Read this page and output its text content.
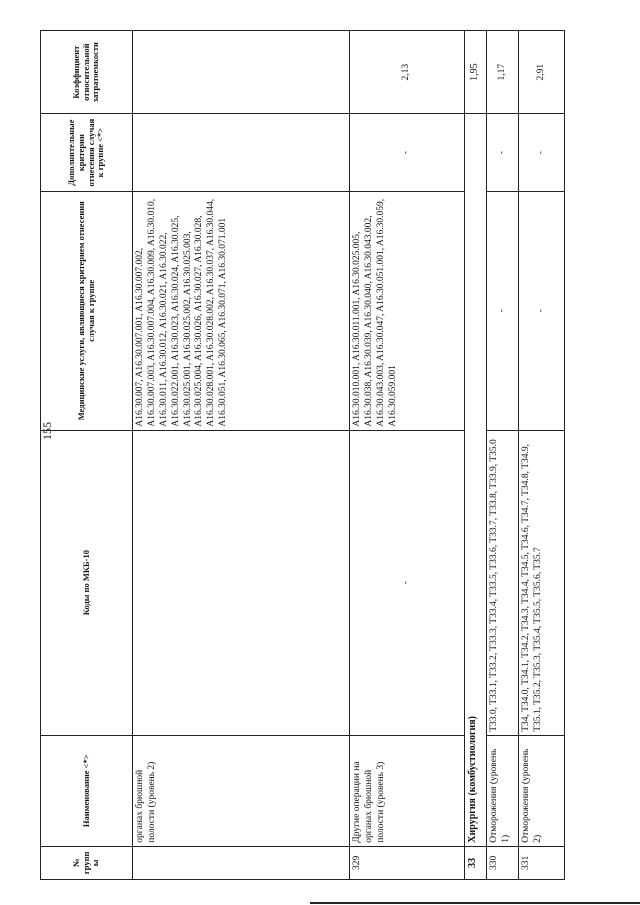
155
№ групп ы	Наименование <*>	Коды по МКБ-10	Медицинские услуги, являющиеся критерием отнесения случая к группе	Дополнительные критерии отнесения случая к группе <*>	Коэффициент относительной затратоемкости
	органах брюшной полости (уровень 2)		A16.30.007, A16.30.007.001, A16.30.007.002, A16.30.007.003, A16.30.007.004, A16.30.009, A16.30.010, A16.30.011, A16.30.012, A16.30.021, A16.30.022, A16.30.022.001, A16.30.023, A16.30.024, A16.30.025, A16.30.025.001, A16.30.025.002, A16.30.025.003, A16.30.025.004, A16.30.026, A16.30.027, A16.30.028, A16.30.028.001, A16.30.028.002, A16.30.037, A16.30.044, A16.30.051, A16.30.065, A16.30.071, A16.30.071.001		
329	Другие операции на органах брюшной полости (уровень 3)	-	A16.30.010.001, A16.30.011.001, A16.30.025.005, A16.30.038, A16.30.039, A16.30.040, A16.30.043.002, A16.30.043.003, A16.30.047, A16.30.051.001, A16.30.059, A16.30.059.001	-	2,13
33	Хирургия (комбустиология)				1,95
330	Отморожения (уровень 1)	T33.0, T33.1, T33.2, T33.3, T33.4, T33.5, T33.6, T33.7, T33.8, T33.9, T35.0	-	-	1,17
331	Отморожения (уровень 2)	T34, T34.0, T34.1, T34.2, T34.3, T34.4, T34.5, T34.6, T34.7, T34.8, T34.9, T35.1, T35.2, T35.3, T35.4, T35.5, T35.6, T35.7	-	-	2,91
